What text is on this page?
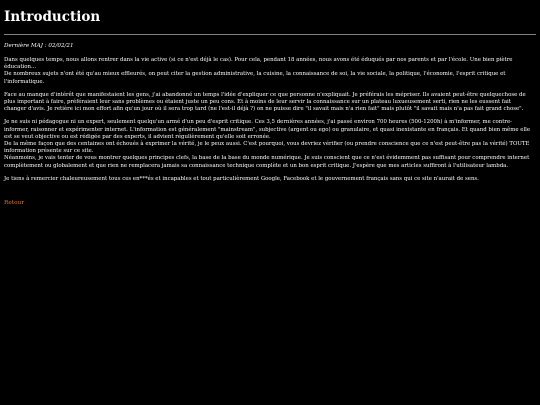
Introduction
Dernière MAJ : 02/02/21

Dans quelques temps, nous allons rentrer dans la vie active (si ce n'est déjà le cas). Pour cela, pendant 18 années, nous avons été éduqués par nos parents et par l'école. Une bien piètre éducation...
De nombreux sujets n'ont été qu'au mieux effleurés, on peut citer la gestion administrative, la cuisine, la connaissance de soi, la vie sociale, la politique, l'économie, l'esprit critique et l'informatique.

Face au manque d'intérêt que manifestaient les gens, j'ai abandonné un temps l'idée d'expliquer ce que personne n'expliquait. Je préférais les mépriser. Ils avaient peut-être quelquechose de plus important à faire, préféraient leur sans problèmes ou étaient juste un peu cons. Et à moins de leur servir la connaissance sur un plateau luxueusement serti, rien ne les eussent fait changer d'avis. Je retière ici mon effort afin qu'un jour où il sera trop tard (ne l'est-il déjà ?) on ne puisse dire "il savait mais n'a rien fait" mais plutôt "il savait mais n'a pas fait grand chose".

Je ne suis ni pédagogue ni un expert, seulement quelqu'un armé d'un peu d'esprit critique. Ces 3,5 dernières années, j'ai passé environ 700 heures (500-1200h) à m'informer, me contre-informer, raisonner et expérimenter internet. L'information est généralement "mainstream", subjective (argent ou ego) ou granulaire, et quasi inexistante en français. Et quand bien même elle est se veut objective ou est rédigée par des experts, il advient régulièrement qu'elle soit erronée.
De la même façon que des centaines ont échoués à exprimer la vérité, je le peux aussi. C'est pourquoi, vous devriez vérifier (ou prendre conscience que ce n'est peut-être pas la vérité) TOUTE information présente sur ce site.
Néanmoins, je vais tenter de vous montrer quelques principes clefs, la base de la base du monde numérique. Je suis conscient que ce n'est évidemment pas suffisant pour comprendre internet complètement ou globalement et que rien ne remplacera jamais sa connaissance technique complète et un bon esprit critique. J'espère que mes articles suffiront à l'utilisateur lambda.

Je tiens à remercier chaleureusement tous ces en***és et incapables et tout particulièrement Google, Facebook et le gouvernement français sans qui ce site n'aurait de sens.

Retour
